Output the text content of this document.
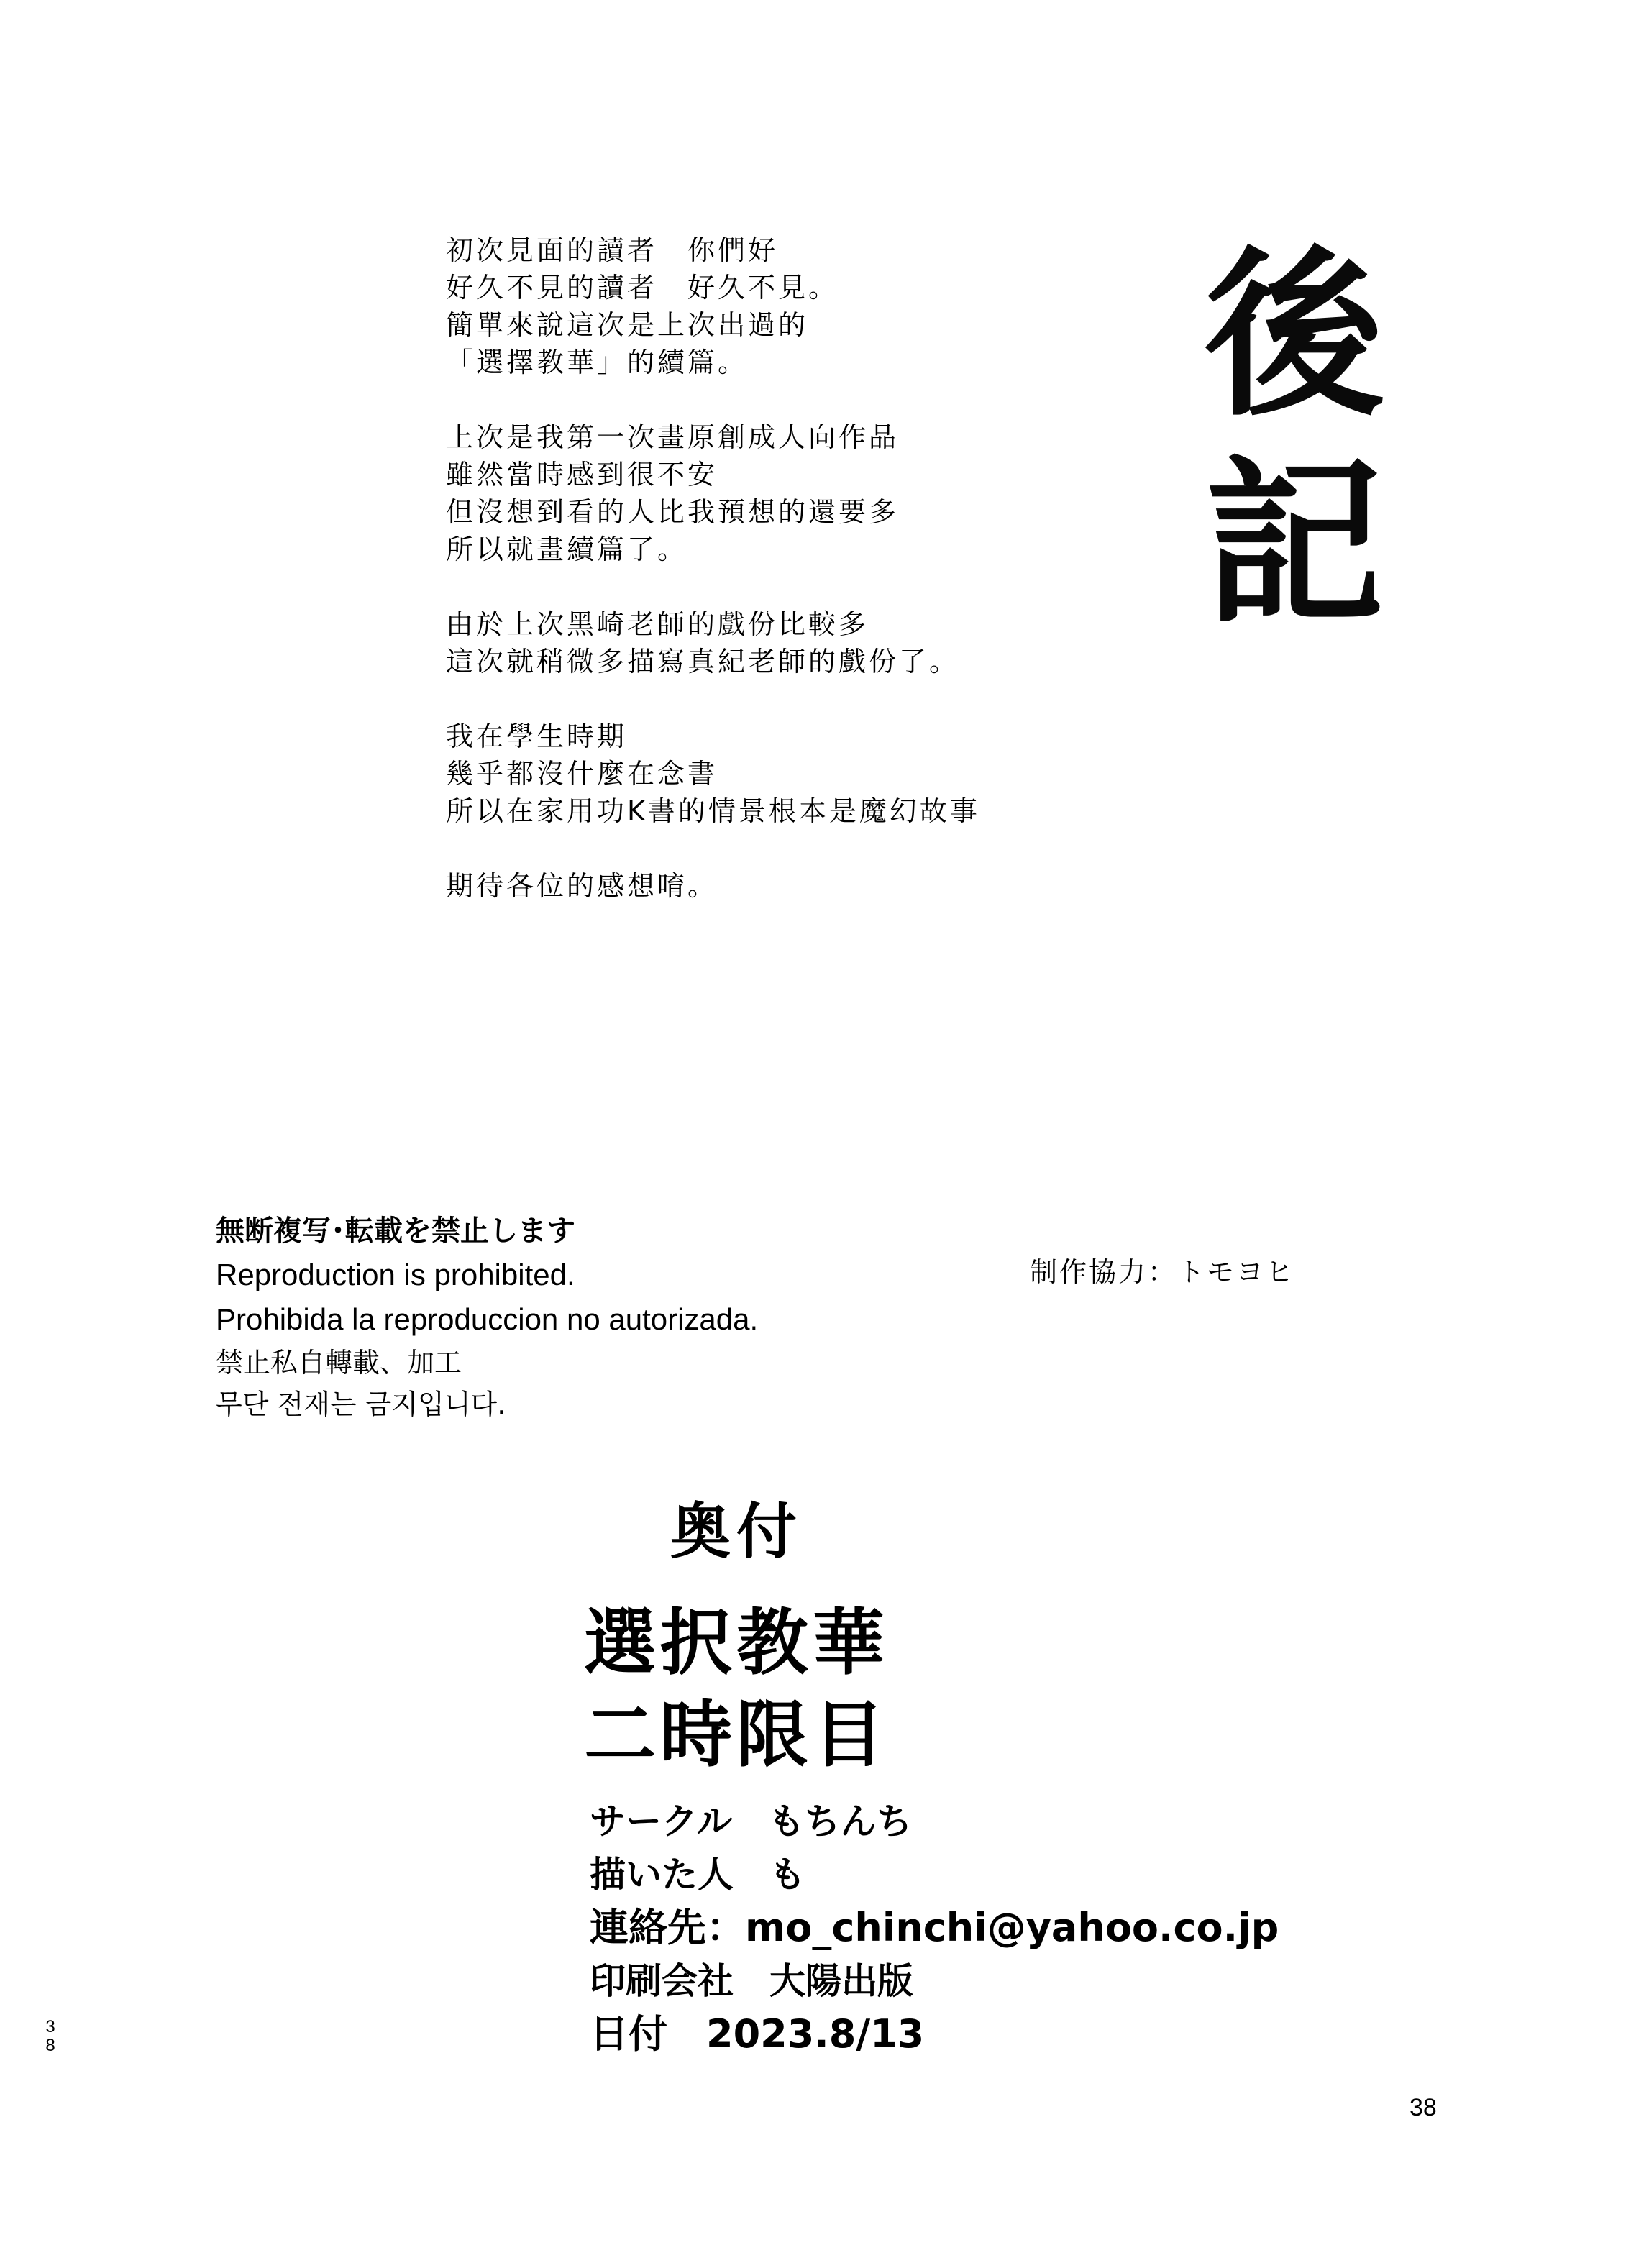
初次見面的讀者　你們好
好久不見的讀者　好久不見。
簡單來說這次是上次出過的
「選擇教華」的續篇。
上次是我第一次畫原創成人向作品
雖然當時感到很不安
但沒想到看的人比我預想的還要多
所以就畫續篇了。
由於上次黑崎老師的戲份比較多
這次就稍微多描寫真紀老師的戲份了。
我在學生時期
幾乎都沒什麼在念書
所以在家用功K書的情景根本是魔幻故事
期待各位的感想唷。
後
記
無断複写･転載を禁止します
Reproduction is prohibited.
Prohibida la reproduccion no autorizada.
禁止私自轉載、加工
무단 전재는 금지입니다.
制作協力：トモヨヒ
奥付
選択教華
二時限目
サークル　もちんち
描いた人　も
連絡先：mo_chinchi@yahoo.co.jp
印刷会社　大陽出版
日付　2023.8/13
3
8
38
